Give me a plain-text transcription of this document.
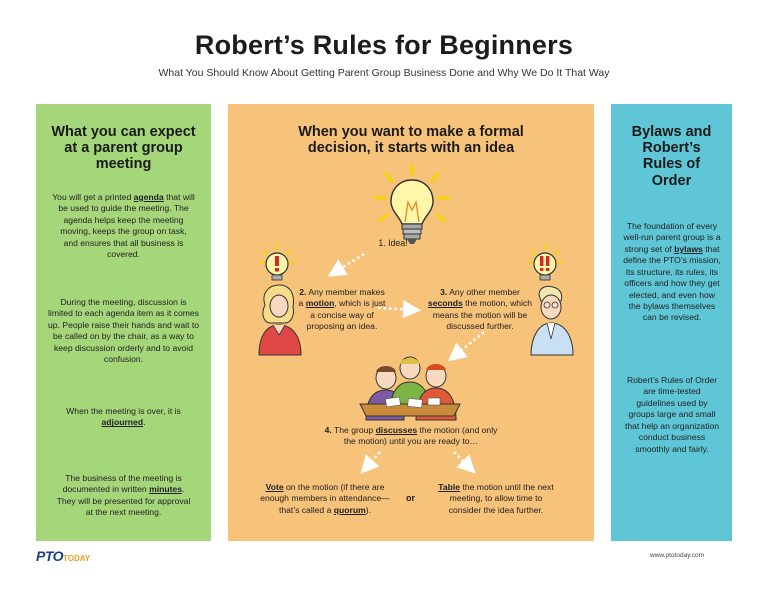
Robert’s Rules for Beginners
What You Should Know About Getting Parent Group Business Done and Why We Do It That Way
What you can expect at a parent group meeting
You will get a printed agenda that will be used to guide the meeting. The agenda helps keep the meeting moving, keeps the group on task, and ensures that all business is covered.
During the meeting, discussion is limited to each agenda item as it comes up. People raise their hands and wait to be called on by the chair, as a way to keep discussion orderly and to avoid confusion.
When the meeting is over, it is adjourned.
The business of the meeting is documented in written minutes. They will be presented for approval at the next meeting.
When you want to make a formal decision, it starts with an idea
1. Idea!
2. Any member makes a motion, which is just a concise way of proposing an idea.
3. Any other member seconds the motion, which means the motion will be discussed further.
4. The group discusses the motion (and only the motion) until you are ready to…
Vote on the motion (if there are enough members in attendance—that’s called a quorum).
or
Table the motion until the next meeting, to allow time to consider the idea further.
Bylaws and Robert’s Rules of Order
The foundation of every well-run parent group is a strong set of bylaws that define the PTO’s mission, its structure, its rules, its officers and how they get elected, and even how the bylaws themselves can be revised.
Robert’s Rules of Order are time-tested guidelines used by groups large and small that help an organization conduct business smoothly and fairly.
PTOTODAY	www.ptotoday.com
